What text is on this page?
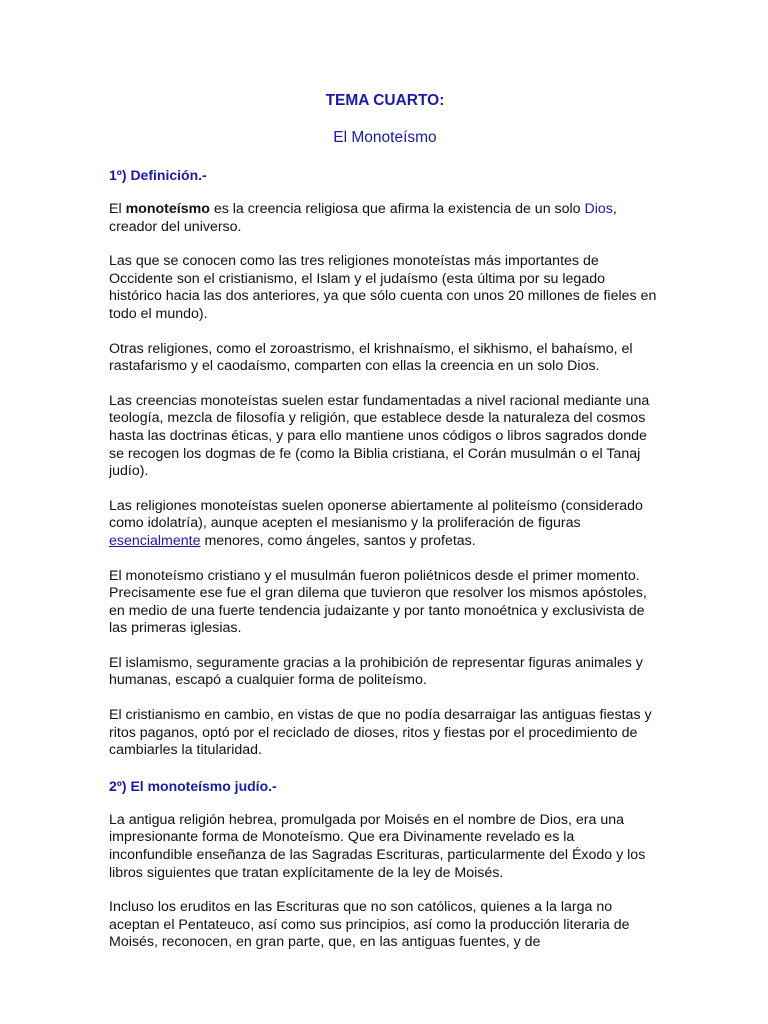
TEMA CUARTO:
El Monoteísmo
1º) Definición.-

El monoteísmo es la creencia religiosa que afirma la existencia de un solo Dios, creador del universo.

Las que se conocen como las tres religiones monoteístas más importantes de Occidente son el cristianismo, el Islam y el judaísmo (esta última por su legado histórico hacia las dos anteriores, ya que sólo cuenta con unos 20 millones de fieles en todo el mundo).

Otras religiones, como el zoroastrismo, el krishnaísmo, el sikhismo, el bahaísmo, el rastafarismo y el caodaísmo, comparten con ellas la creencia en un solo Dios.

Las creencias monoteístas suelen estar fundamentadas a nivel racional mediante una teología, mezcla de filosofía y religión, que establece desde la naturaleza del cosmos hasta las doctrinas éticas, y para ello mantiene unos códigos o libros sagrados donde se recogen los dogmas de fe (como la Biblia cristiana, el Corán musulmán o el Tanaj judío).

Las religiones monoteístas suelen oponerse abiertamente al politeísmo (considerado como idolatría), aunque acepten el mesianismo y la proliferación de figuras esencialmente menores, como ángeles, santos y profetas.

El monoteísmo cristiano y el musulmán fueron poliétnicos desde el primer momento. Precisamente ese fue el gran dilema que tuvieron que resolver los mismos apóstoles, en medio de una fuerte tendencia judaizante y por tanto monoétnica y exclusivista de las primeras iglesias.

El islamismo, seguramente gracias a la prohibición de representar figuras animales y humanas, escapó a cualquier forma de politeísmo.

El cristianismo en cambio, en vistas de que no podía desarraigar las antiguas fiestas y ritos paganos, optó por el reciclado de dioses, ritos y fiestas por el procedimiento de cambiarles la titularidad.

2º) El monoteísmo judío.-

La antigua religión hebrea, promulgada por Moisés en el nombre de Dios, era una impresionante forma de Monoteísmo. Que era Divinamente revelado es la inconfundible enseñanza de las Sagradas Escrituras, particularmente del Éxodo y los libros siguientes que tratan explícitamente de la ley de Moisés.

Incluso los eruditos en las Escrituras que no son católicos, quienes a la larga no aceptan el Pentateuco, así como sus principios, así como la producción literaria de Moisés, reconocen, en gran parte, que, en las antiguas fuentes, y de
